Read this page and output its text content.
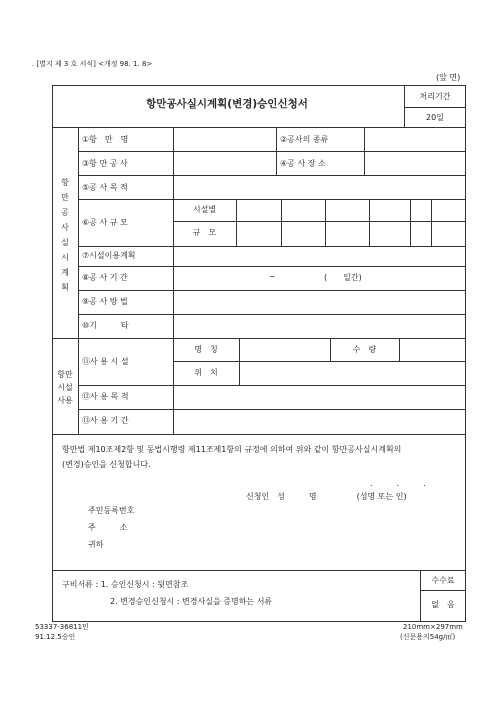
. [별지 제 3 호 서식] <개정 98. 1. 8>
(앞 면)
항만공사실시계획(변경)승인신청서
처리기간
20일
항
만
공
사
실
시
계
획
①항　만　명	②공사의 종류
③항 만 공 사	④공 사 장 소
⑤공 사 목 적
⑥공 사 규 모
시설별
규　모
⑦시설이용계획
⑧공 사 기 간	~	(　　일간)
⑨공 사 방 법
⑩기　　　타
항만
시설
사용
⑪사 용 시 설
명　칭	수　량
위　치
⑫사 용 목 적
⑬사 용 기 간
항만법 제10조제2항 및 동법시행령 제11조제1항의 규정에 의하여 위와 같이 항만공사실시계획의
(변경)승인을 신청합니다.
.　　　.　　　.
신청인　성　　　명　　　　　(성명 또는 인)
주민등록번호
주　　　소
귀하
구비서류 : 1. 승인신청시 : 뒷면참조
2. 변경승인신청시 : 변경사실을 증명하는 서류
수수료
없　음
53337-36811민
91.12.5승인
210mm×297mm
(신문용지54g/㎡)
